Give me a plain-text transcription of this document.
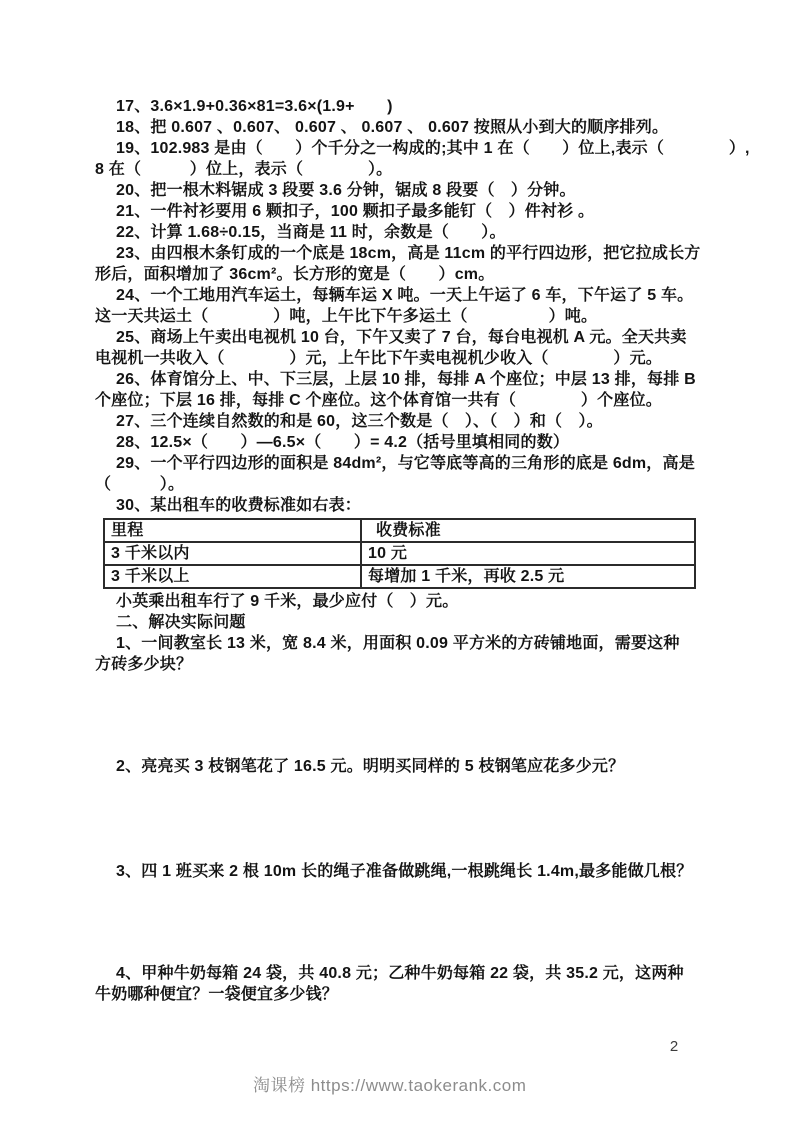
17、3.6×1.9+0.36×81=3.6×(1.9+　　)
18、把 0.607 、0.607、 0.607 、 0.607 、 0.607 按照从小到大的顺序排列。
19、102.983 是由（　　）个千分之一构成的;其中 1 在（　　）位上,表示（　　　　）,
8 在（　　　）位上，表示（　　　　）。
20、把一根木料锯成 3 段要 3.6 分钟，锯成 8 段要（　）分钟。
21、一件衬衫要用 6 颗扣子，100 颗扣子最多能钉（　）件衬衫 。
22、计算 1.68÷0.15，当商是 11 时，余数是（　　）。
23、由四根木条钉成的一个底是 18cm，高是 11cm 的平行四边形，把它拉成长方
形后，面积增加了 36cm²。长方形的宽是（　　）cm。
24、一个工地用汽车运土，每辆车运 X 吨。一天上午运了 6 车，下午运了 5 车。
这一天共运土（　　　　）吨，上午比下午多运土（　　　　　）吨。
25、商场上午卖出电视机 10 台，下午又卖了 7 台，每台电视机 A 元。全天共卖
电视机一共收入（　　　　）元，上午比下午卖电视机少收入（　　　　）元。
26、体育馆分上、中、下三层，上层 10 排，每排 A 个座位；中层 13 排，每排 B
个座位；下层 16 排，每排 C 个座位。这个体育馆一共有（　　　　）个座位。
27、三个连续自然数的和是 60，这三个数是（　）、（　）和（　）。
28、12.5×（　　）—6.5×（　　）= 4.2（括号里填相同的数）
29、一个平行四边形的面积是 84dm²，与它等底等高的三角形的底是 6dm，高是
（　　　）。
30、某出租车的收费标准如右表：
里程	收费标准
3 千米以内	10 元
3 千米以上	每增加 1 千米，再收 2.5 元
小英乘出租车行了 9 千米，最少应付（　）元。
二、解决实际问题
1、一间教室长 13 米，宽 8.4 米，用面积 0.09 平方米的方砖铺地面，需要这种
方砖多少块？
2、亮亮买 3 枝钢笔花了 16.5 元。明明买同样的 5 枝钢笔应花多少元？
3、四 1 班买来 2 根 10m 长的绳子准备做跳绳,一根跳绳长 1.4m,最多能做几根？
4、甲种牛奶每箱 24 袋，共 40.8 元；乙种牛奶每箱 22 袋，共 35.2 元，这两种
牛奶哪种便宜？一袋便宜多少钱？
2
淘课榜 https://www.taokerank.com
